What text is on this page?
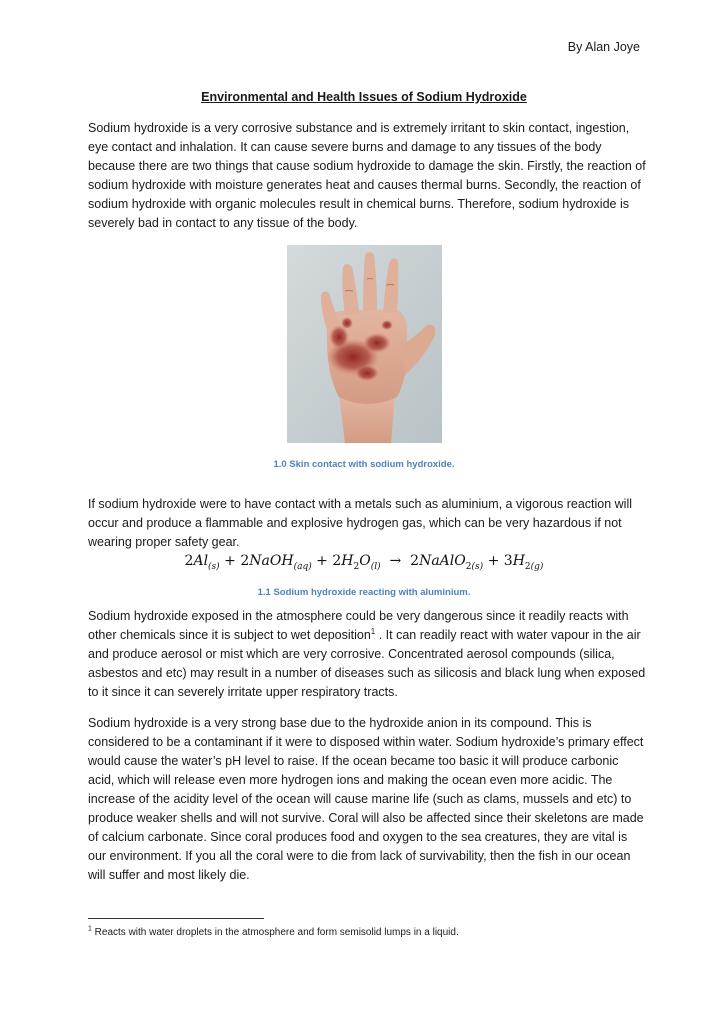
By Alan Joye
Environmental and Health Issues of Sodium Hydroxide

Sodium hydroxide is a very corrosive substance and is extremely irritant to skin contact, ingestion, eye contact and inhalation. It can cause severe burns and damage to any tissues of the body because there are two things that cause sodium hydroxide to damage the skin. Firstly, the reaction of sodium hydroxide with moisture generates heat and causes thermal burns. Secondly, the reaction of sodium hydroxide with organic molecules result in chemical burns. Therefore, sodium hydroxide is severely bad in contact to any tissue of the body.

1.0 Skin contact with sodium hydroxide.

If sodium hydroxide were to have contact with a metals such as aluminium, a vigorous reaction will occur and produce a flammable and explosive hydrogen gas, which can be very hazardous if not wearing proper safety gear.

$2Al_{(s)}$ + 2NaOH$_{(aq)}$ + $2H_2O_{(l)}$  →  2NaAlO$_{2(s)}$ + $3H_{2(g)}$
1.1 Sodium hydroxide reacting with aluminium.

Sodium hydroxide exposed in the atmosphere could be very dangerous since it readily reacts with other chemicals since it is subject to wet deposition$^1$ . It can readily react with water vapour in the air and produce aerosol or mist which are very corrosive. Concentrated aerosol compounds (silica, asbestos and etc) may result in a number of diseases such as silicosis and black lung when exposed to it since it can severely irritate upper respiratory tracts.

Sodium hydroxide is a very strong base due to the hydroxide anion in its compound. This is considered to be a contaminant if it were to disposed within water. Sodium hydroxide’s primary effect would cause the water’s pH level to raise. If the ocean became too basic it will produce carbonic acid, which will release even more hydrogen ions and making the ocean even more acidic. The increase of the acidity level of the ocean will cause marine life (such as clams, mussels and etc) to produce weaker shells and will not survive. Coral will also be affected since their skeletons are made of calcium carbonate. Since coral produces food and oxygen to the sea creatures, they are vital is our environment. If you all the coral were to die from lack of survivability, then the fish in our ocean will suffer and most likely die.

$^1$ Reacts with water droplets in the atmosphere and form semisolid lumps in a liquid.
